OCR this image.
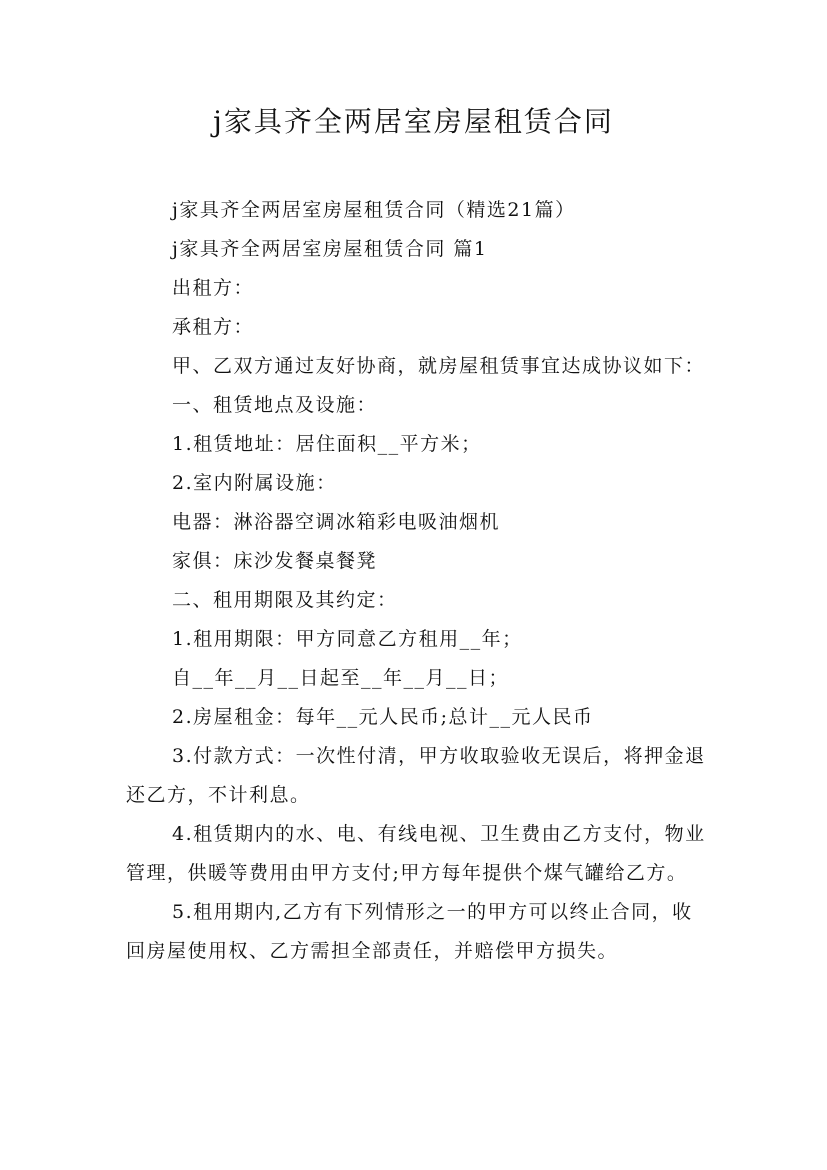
j家具齐全两居室房屋租赁合同

j家具齐全两居室房屋租赁合同（精选21篇）

j家具齐全两居室房屋租赁合同 篇1

出租方：

承租方：

甲、乙双方通过友好协商，就房屋租赁事宜达成协议如下：

一、租赁地点及设施：

1.租赁地址：居住面积__平方米；

2.室内附属设施：

电器：淋浴器空调冰箱彩电吸油烟机

家俱：床沙发餐桌餐凳

二、租用期限及其约定：

1.租用期限：甲方同意乙方租用__年；

自__年__月__日起至__年__月__日；

2.房屋租金：每年__元人民币;总计__元人民币

3.付款方式：一次性付清，甲方收取验收无误后，将押金退还乙方，不计利息。

4.租赁期内的水、电、有线电视、卫生费由乙方支付，物业管理，供暖等费用由甲方支付;甲方每年提供个煤气罐给乙方。

5.租用期内,乙方有下列情形之一的甲方可以终止合同，收回房屋使用权、乙方需担全部责任，并赔偿甲方损失。
